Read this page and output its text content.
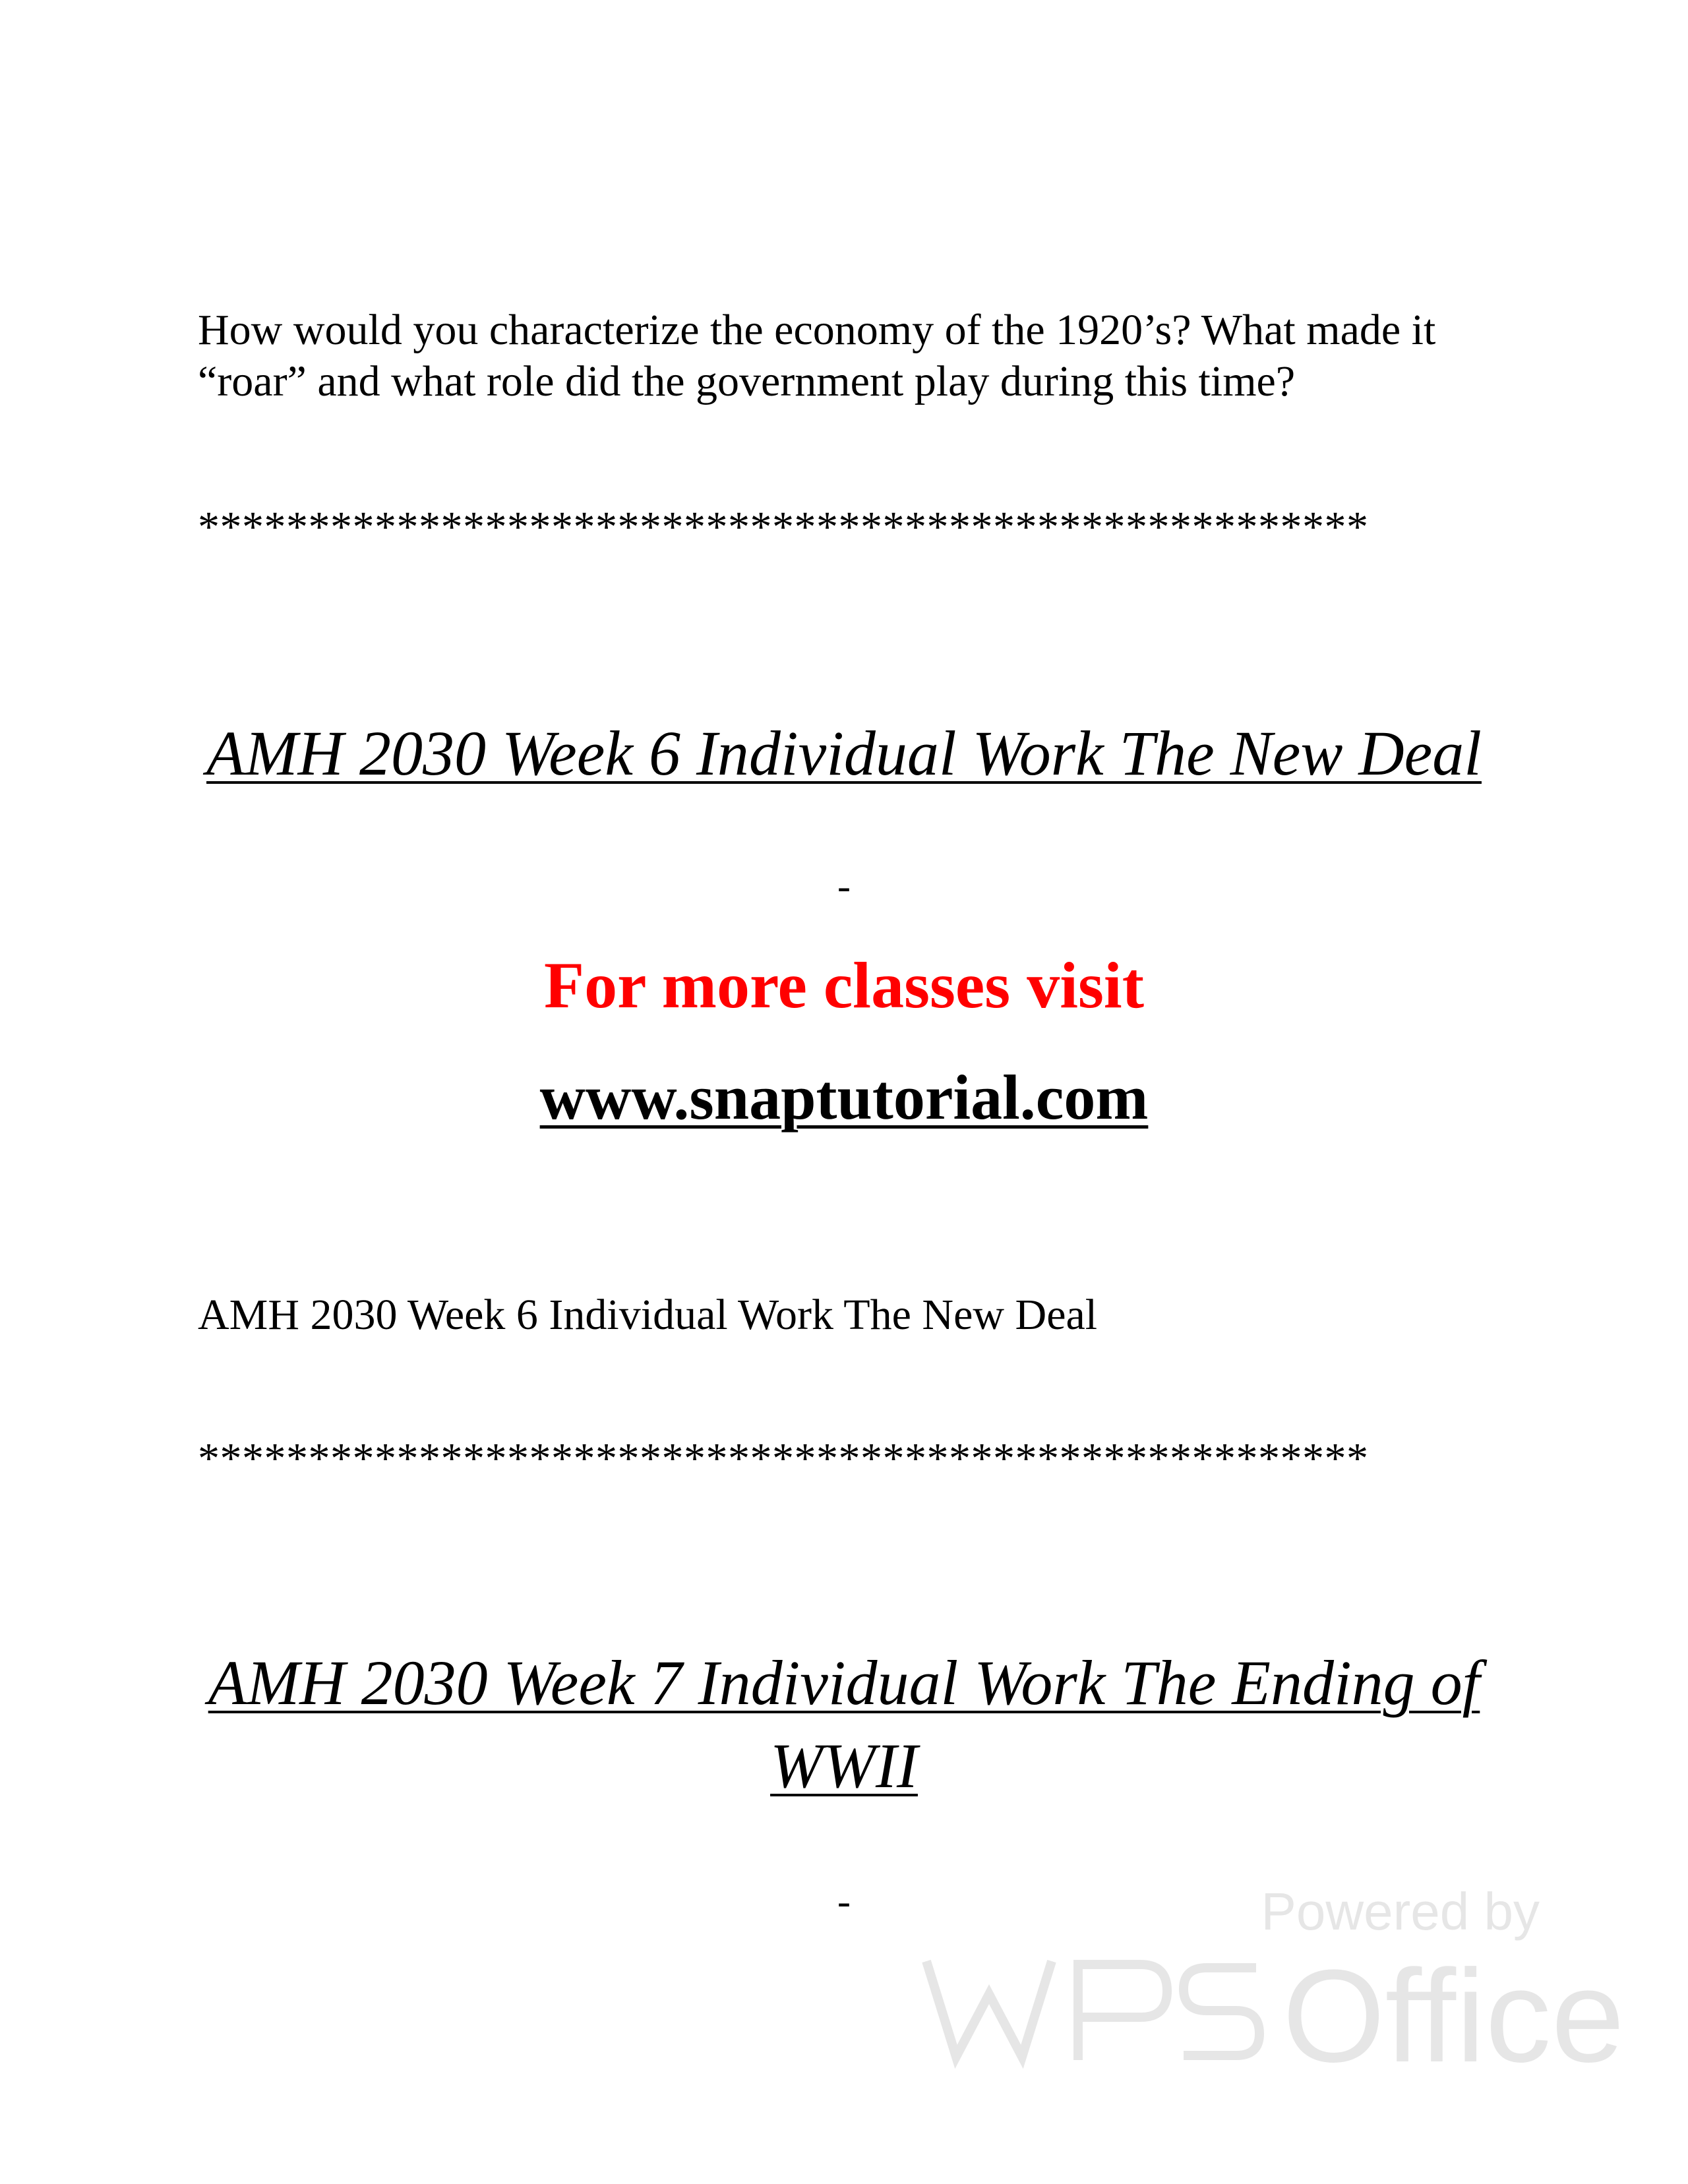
How would you characterize the economy of the 1920’s? What made it

“roar” and what role did the government play during this time?

*****************************************************
AMH 2030 Week 6 Individual Work The New Deal
-
For more classes visit
www.snaptutorial.com
AMH 2030 Week 6 Individual Work The New Deal
*****************************************************
AMH 2030 Week 7 Individual Work The Ending of
WWII
-	Powered by
Office
